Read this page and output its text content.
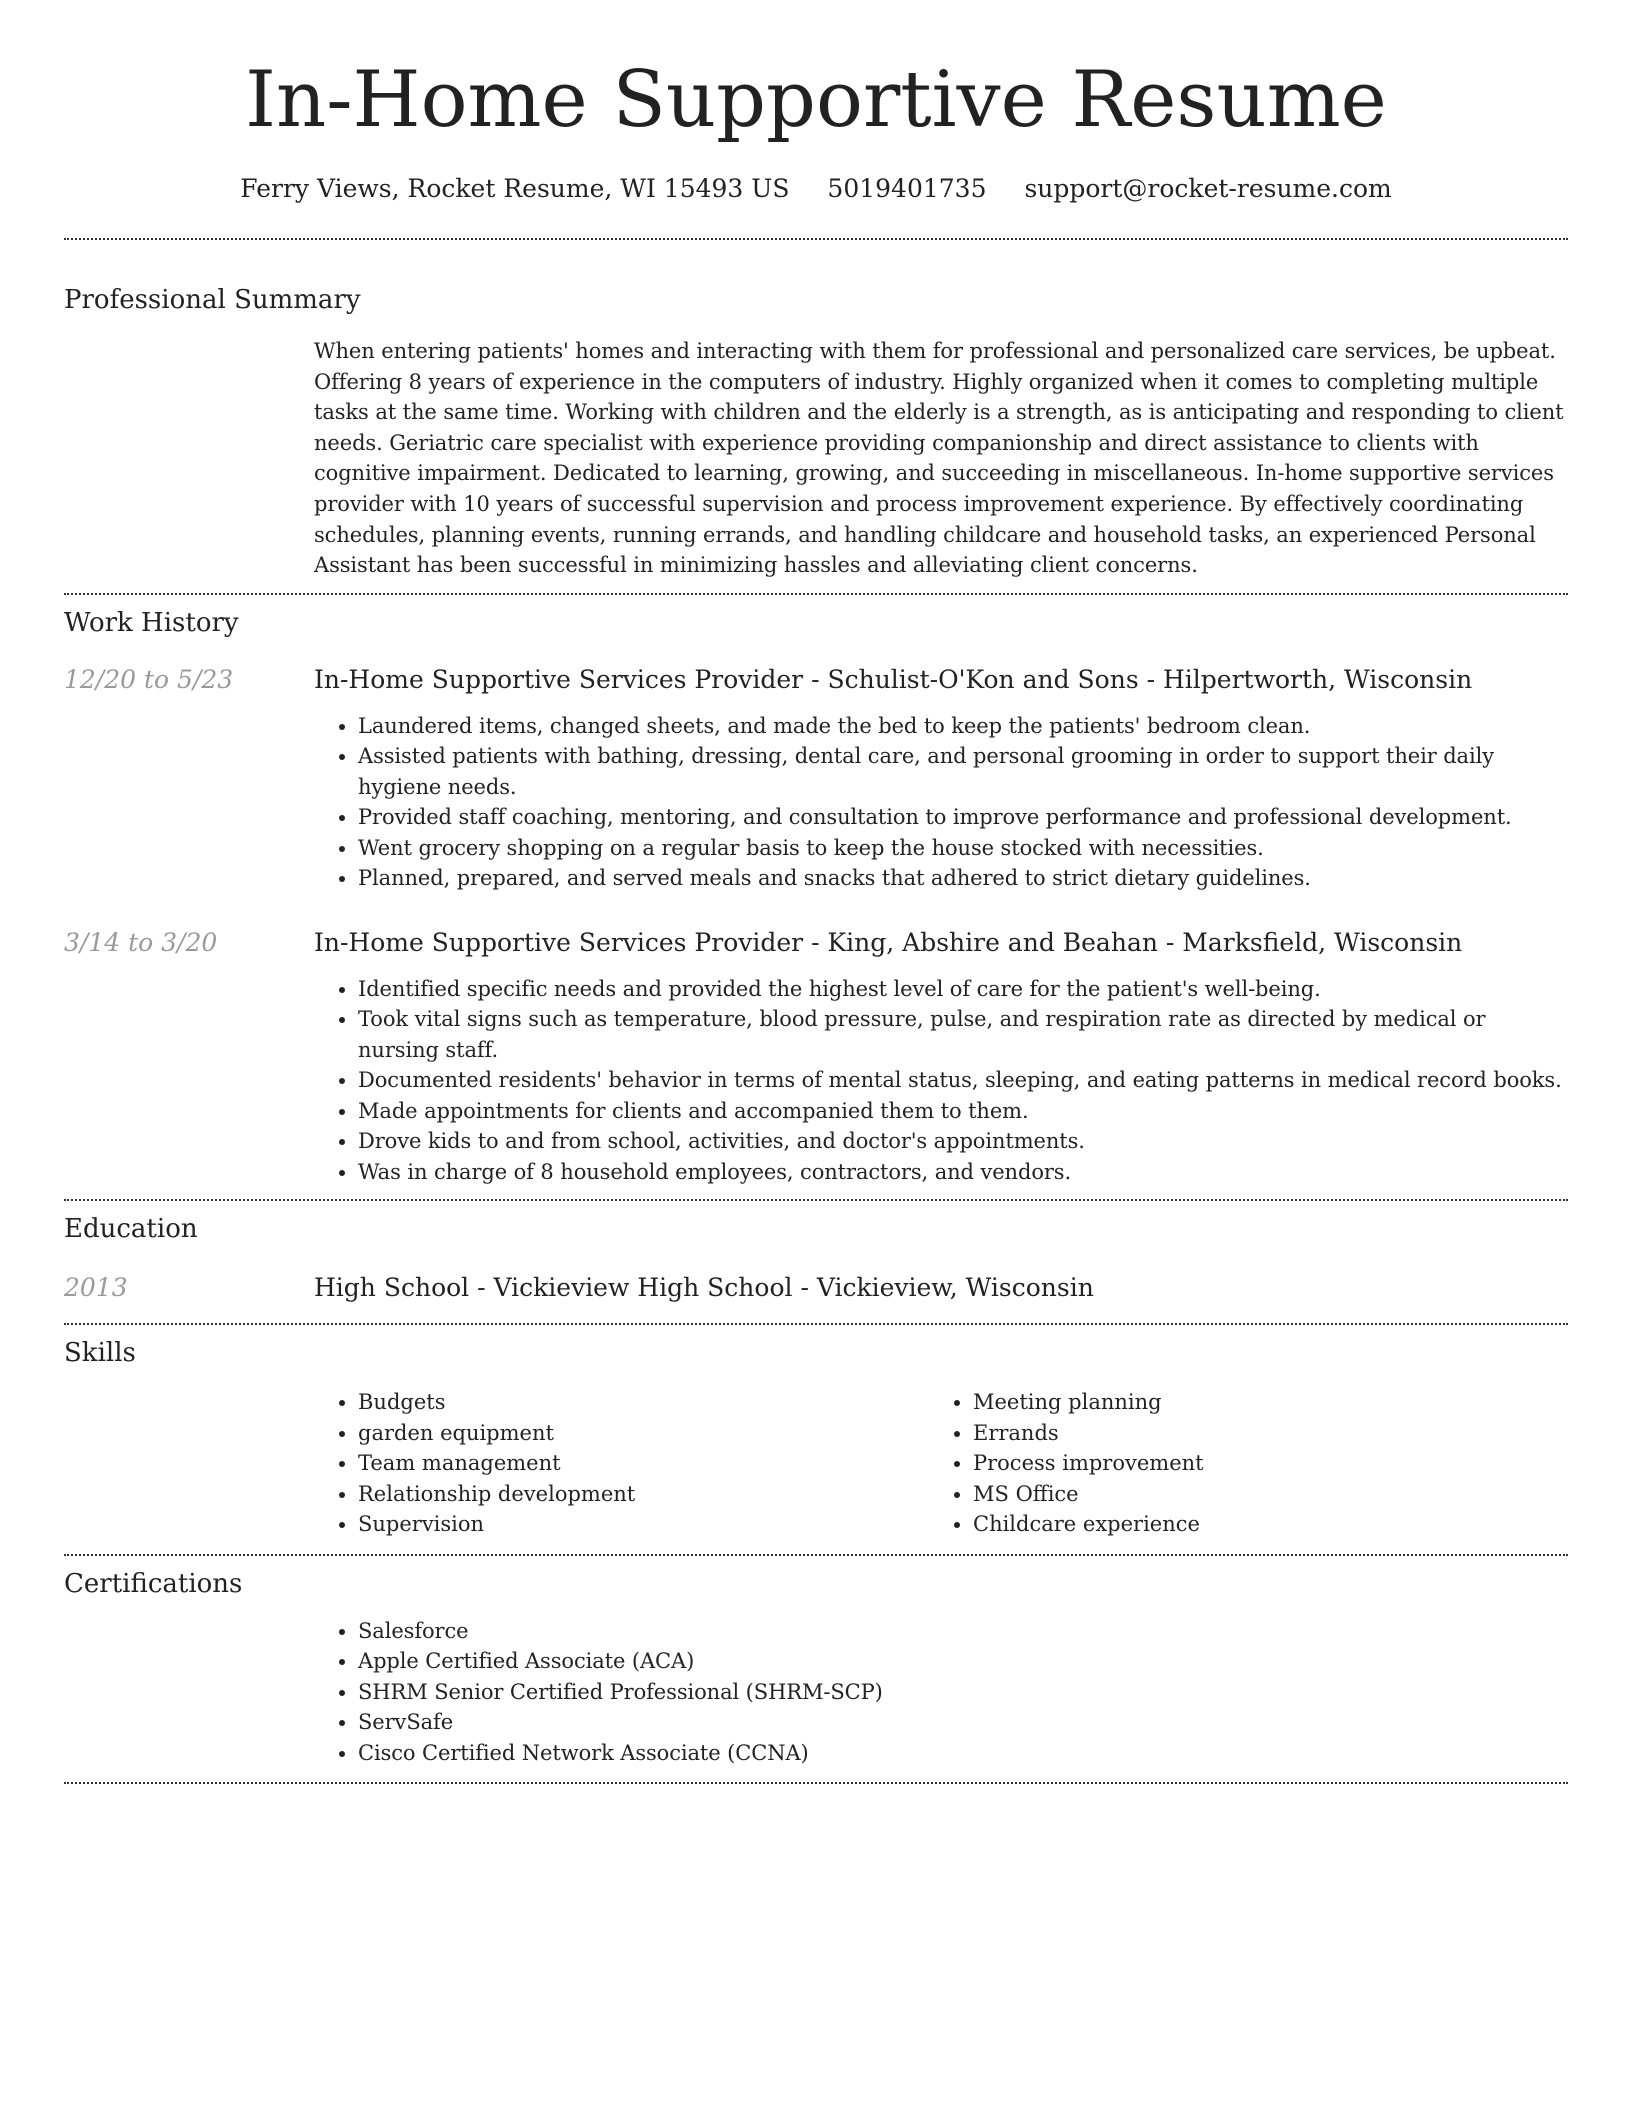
In-Home Supportive Resume
Ferry Views, Rocket Resume, WI 15493 US 5019401735 support@rocket-resume.com
Professional Summary

When entering patients' homes and interacting with them for professional and personalized care services, be upbeat. Offering 8 years of experience in the computers of industry. Highly organized when it comes to completing multiple tasks at the same time. Working with children and the elderly is a strength, as is anticipating and responding to client needs. Geriatric care specialist with experience providing companionship and direct assistance to clients with cognitive impairment. Dedicated to learning, growing, and succeeding in miscellaneous. In-home supportive services provider with 10 years of successful supervision and process improvement experience. By effectively coordinating schedules, planning events, running errands, and handling childcare and household tasks, an experienced Personal Assistant has been successful in minimizing hassles and alleviating client concerns.

Work History
12/20 to 5/23	In-Home Supportive Services Provider - Schulist-O'Kon and Sons - Hilpertworth, Wisconsin
• Laundered items, changed sheets, and made the bed to keep the patients' bedroom clean.
• Assisted patients with bathing, dressing, dental care, and personal grooming in order to support their daily hygiene needs.
• Provided staff coaching, mentoring, and consultation to improve performance and professional development.
• Went grocery shopping on a regular basis to keep the house stocked with necessities.
• Planned, prepared, and served meals and snacks that adhered to strict dietary guidelines.
3/14 to 3/20	In-Home Supportive Services Provider - King, Abshire and Beahan - Marksfield, Wisconsin
• Identified specific needs and provided the highest level of care for the patient's well-being.
• Took vital signs such as temperature, blood pressure, pulse, and respiration rate as directed by medical or nursing staff.
• Documented residents' behavior in terms of mental status, sleeping, and eating patterns in medical record books.
• Made appointments for clients and accompanied them to them.
• Drove kids to and from school, activities, and doctor's appointments.
• Was in charge of 8 household employees, contractors, and vendors.
Education
2013	High School - Vickieview High School - Vickieview, Wisconsin
Skills
• Budgets
• garden equipment
• Team management
• Relationship development
• Supervision
• Meeting planning
• Errands
• Process improvement
• MS Office
• Childcare experience
Certifications
• Salesforce
• Apple Certified Associate (ACA)
• SHRM Senior Certified Professional (SHRM-SCP)
• ServSafe
• Cisco Certified Network Associate (CCNA)
